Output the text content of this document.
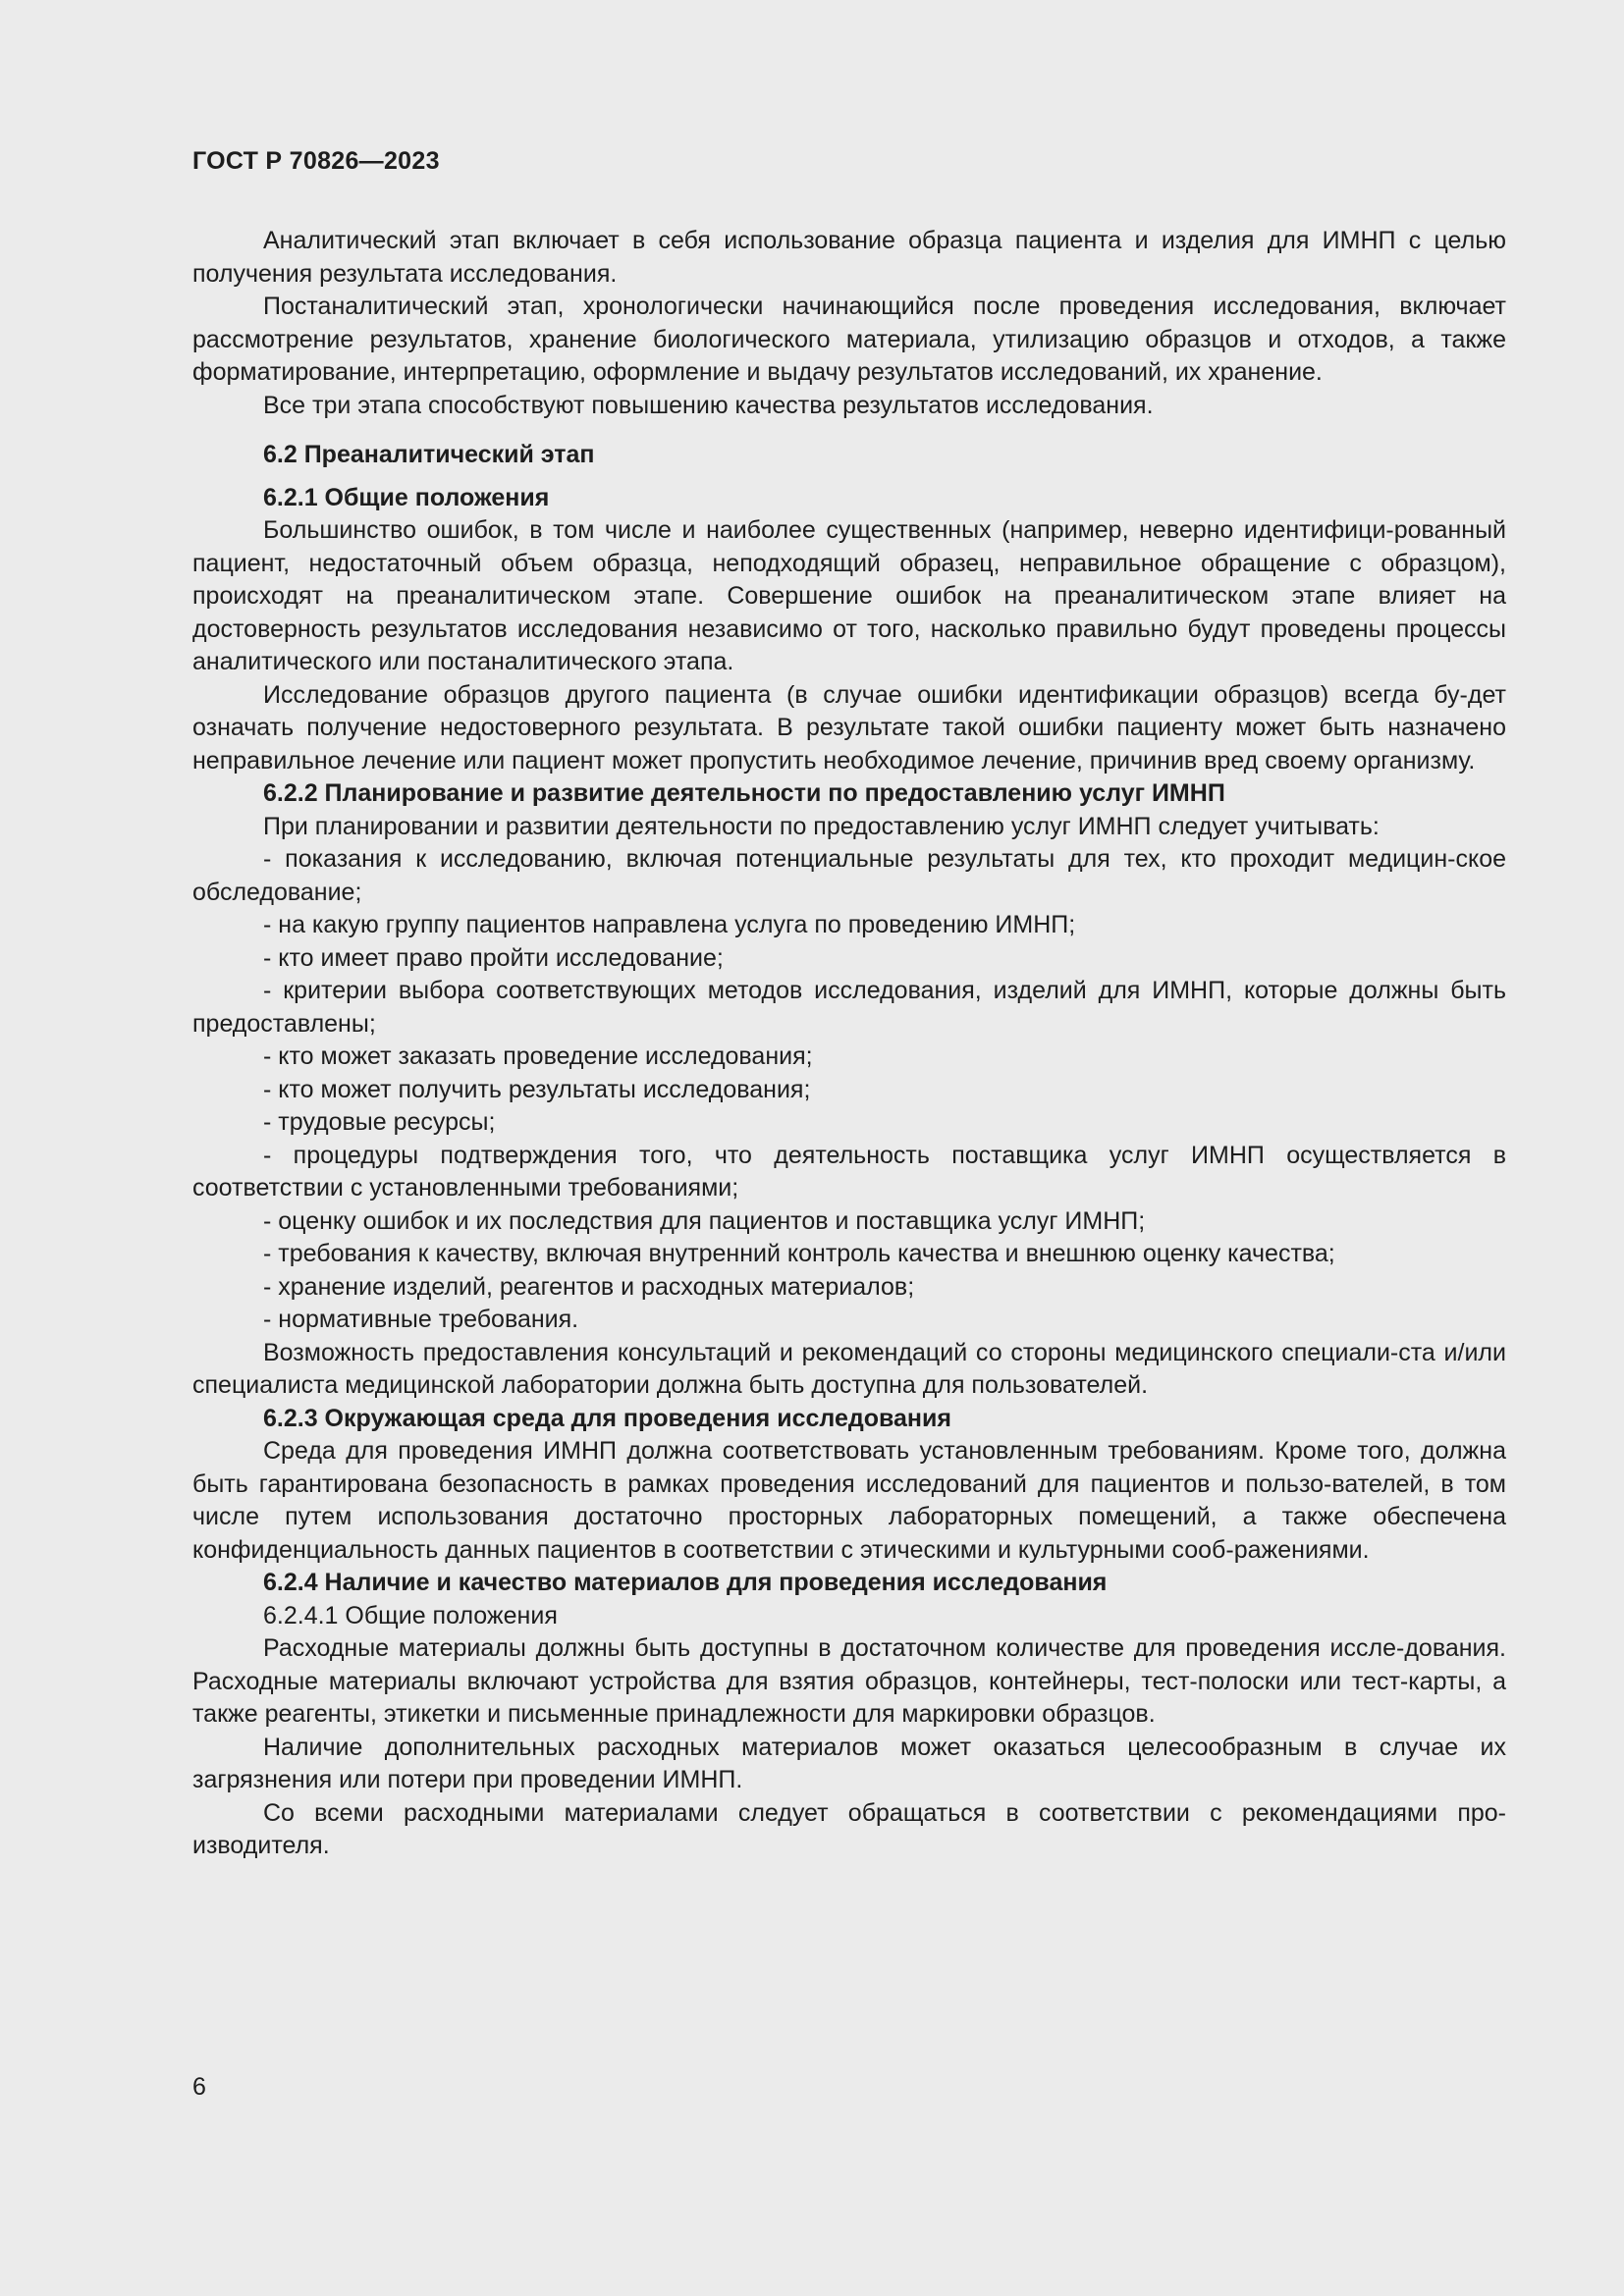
ГОСТ Р 70826—2023

Аналитический этап включает в себя использование образца пациента и изделия для ИМНП с целью получения результата исследования.

Постаналитический этап, хронологически начинающийся после проведения исследования, включает рассмотрение результатов, хранение биологического материала, утилизацию образцов и отходов, а также форматирование, интерпретацию, оформление и выдачу результатов исследований, их хранение.

Все три этапа способствуют повышению качества результатов исследования.

6.2 Преаналитический этап

6.2.1 Общие положения

Большинство ошибок, в том числе и наиболее существенных (например, неверно идентифици-рованный пациент, недостаточный объем образца, неподходящий образец, неправильное обращение с образцом), происходят на преаналитическом этапе. Совершение ошибок на преаналитическом этапе влияет на достоверность результатов исследования независимо от того, насколько правильно будут проведены процессы аналитического или постаналитического этапа.

Исследование образцов другого пациента (в случае ошибки идентификации образцов) всегда бу-дет означать получение недостоверного результата. В результате такой ошибки пациенту может быть назначено неправильное лечение или пациент может пропустить необходимое лечение, причинив вред своему организму.

6.2.2 Планирование и развитие деятельности по предоставлению услуг ИМНП

При планировании и развитии деятельности по предоставлению услуг ИМНП следует учитывать:

- показания к исследованию, включая потенциальные результаты для тех, кто проходит медицин-ское обследование;

- на какую группу пациентов направлена услуга по проведению ИМНП;

- кто имеет право пройти исследование;

- критерии выбора соответствующих методов исследования, изделий для ИМНП, которые должны быть предоставлены;

- кто может заказать проведение исследования;

- кто может получить результаты исследования;

- трудовые ресурсы;

- процедуры подтверждения того, что деятельность поставщика услуг ИМНП осуществляется в соответствии с установленными требованиями;

- оценку ошибок и их последствия для пациентов и поставщика услуг ИМНП;

- требования к качеству, включая внутренний контроль качества и внешнюю оценку качества;

- хранение изделий, реагентов и расходных материалов;

- нормативные требования.

Возможность предоставления консультаций и рекомендаций со стороны медицинского специали-ста и/или специалиста медицинской лаборатории должна быть доступна для пользователей.

6.2.3 Окружающая среда для проведения исследования

Среда для проведения ИМНП должна соответствовать установленным требованиям. Кроме того, должна быть гарантирована безопасность в рамках проведения исследований для пациентов и пользо-вателей, в том числе путем использования достаточно просторных лабораторных помещений, а также обеспечена конфиденциальность данных пациентов в соответствии с этическими и культурными сооб-ражениями.

6.2.4 Наличие и качество материалов для проведения исследования

6.2.4.1 Общие положения

Расходные материалы должны быть доступны в достаточном количестве для проведения иссле-дования. Расходные материалы включают устройства для взятия образцов, контейнеры, тест-полоски или тест-карты, а также реагенты, этикетки и письменные принадлежности для маркировки образцов.

Наличие дополнительных расходных материалов может оказаться целесообразным в случае их загрязнения или потери при проведении ИМНП.

Со всеми расходными материалами следует обращаться в соответствии с рекомендациями про-изводителя.

6
